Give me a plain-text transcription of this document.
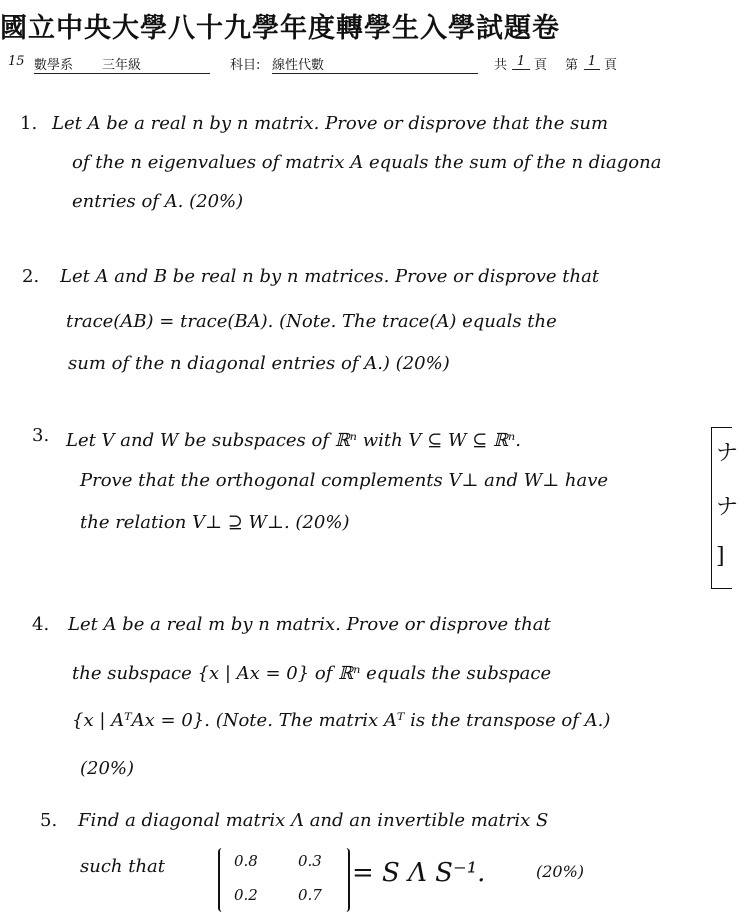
國立中央大學八十九學年度轉學生入學試題卷
15 數學系	三年級	科目: 線性代數	共 1 頁 第 1 頁
1. Let A be a real n by n matrix. Prove or disprove that the sum
of the n eigenvalues of matrix A equals the sum of the n diagona
entries of A. (20%)
2. Let A and B be real n by n matrices. Prove or disprove that
trace(AB) = trace(BA). (Note. The trace(A) equals the
sum of the n diagonal entries of A.) (20%)
3. Let V and W be subspaces of ℝⁿ with V ⊆ W ⊆ ℝⁿ.
Prove that the orthogonal complements V⊥ and W⊥ have
the relation V⊥ ⊇ W⊥. (20%)
4. Let A be a real m by n matrix. Prove or disprove that
the subspace {x | Ax = 0} of ℝⁿ equals the subspace
{x | AᵀAx = 0}. (Note. The matrix Aᵀ is the transpose of A.)
(20%)
5. Find a diagonal matrix Λ and an invertible matrix S
such that	0.8	0.3
0.2	0.7
= S Λ S⁻¹.	(20%)
ナ
ナ
]
